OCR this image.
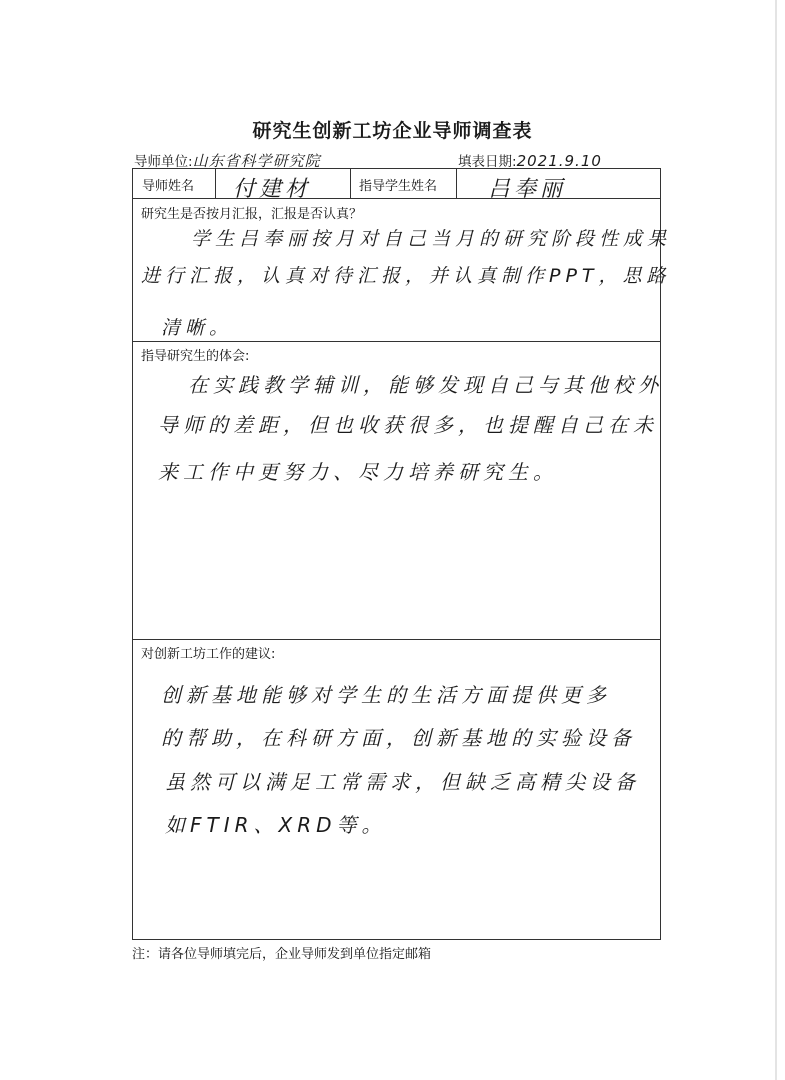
研究生创新工坊企业导师调查表
导师单位:山东省科学研究院	填表日期:2021.9.10
导师姓名 付建材	指导学生姓名 吕奉丽
研究生是否按月汇报，汇报是否认真？
学生吕奉丽按月对自己当月的研究阶段性成果
进行汇报，认真对待汇报，并认真制作PPT，思路
清晰。
指导研究生的体会:
在实践教学辅训，能够发现自己与其他校外
导师的差距，但也收获很多，也提醒自己在未
来工作中更努力、尽力培养研究生。
对创新工坊工作的建议:
创新基地能够对学生的生活方面提供更多
的帮助，在科研方面，创新基地的实验设备
虽然可以满足工常需求，但缺乏高精尖设备
如FTIR、XRD等。
注：请各位导师填完后，企业导师发到单位指定邮箱
